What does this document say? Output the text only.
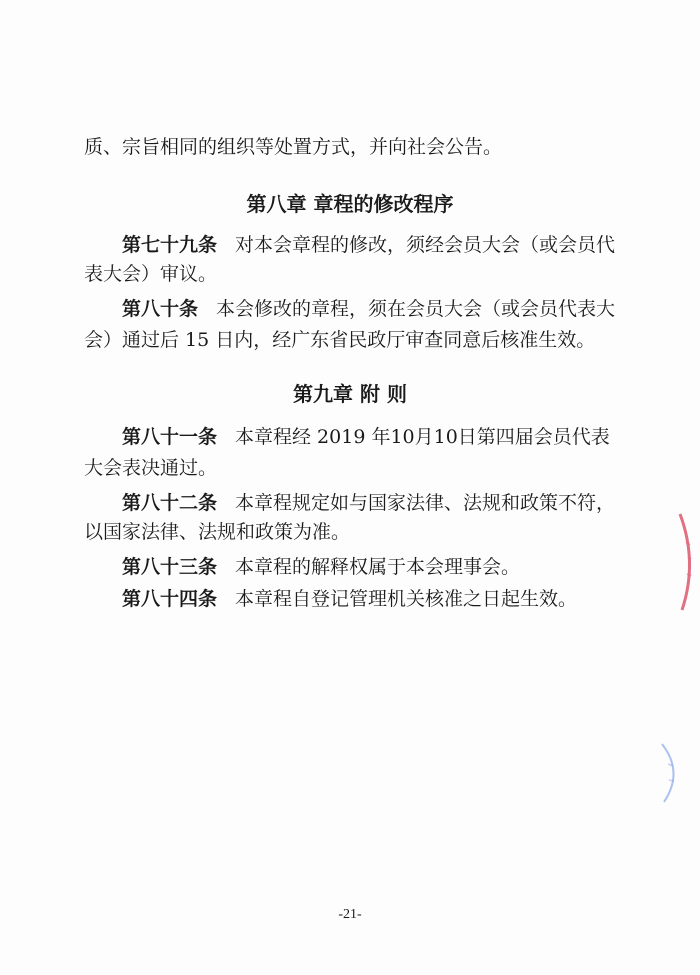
质、宗旨相同的组织等处置方式，并向社会公告。
第八章 章程的修改程序
第七十九条 对本会章程的修改，须经会员大会（或会员代
表大会）审议。
第八十条 本会修改的章程，须在会员大会（或会员代表大
会）通过后 15 日内，经广东省民政厅审查同意后核准生效。
第九章 附 则
第八十一条 本章程经 2019 年10月10日第四届会员代表
大会表决通过。
第八十二条 本章程规定如与国家法律、法规和政策不符，
以国家法律、法规和政策为准。
第八十三条 本章程的解释权属于本会理事会。
第八十四条 本章程自登记管理机关核准之日起生效。
-21-
